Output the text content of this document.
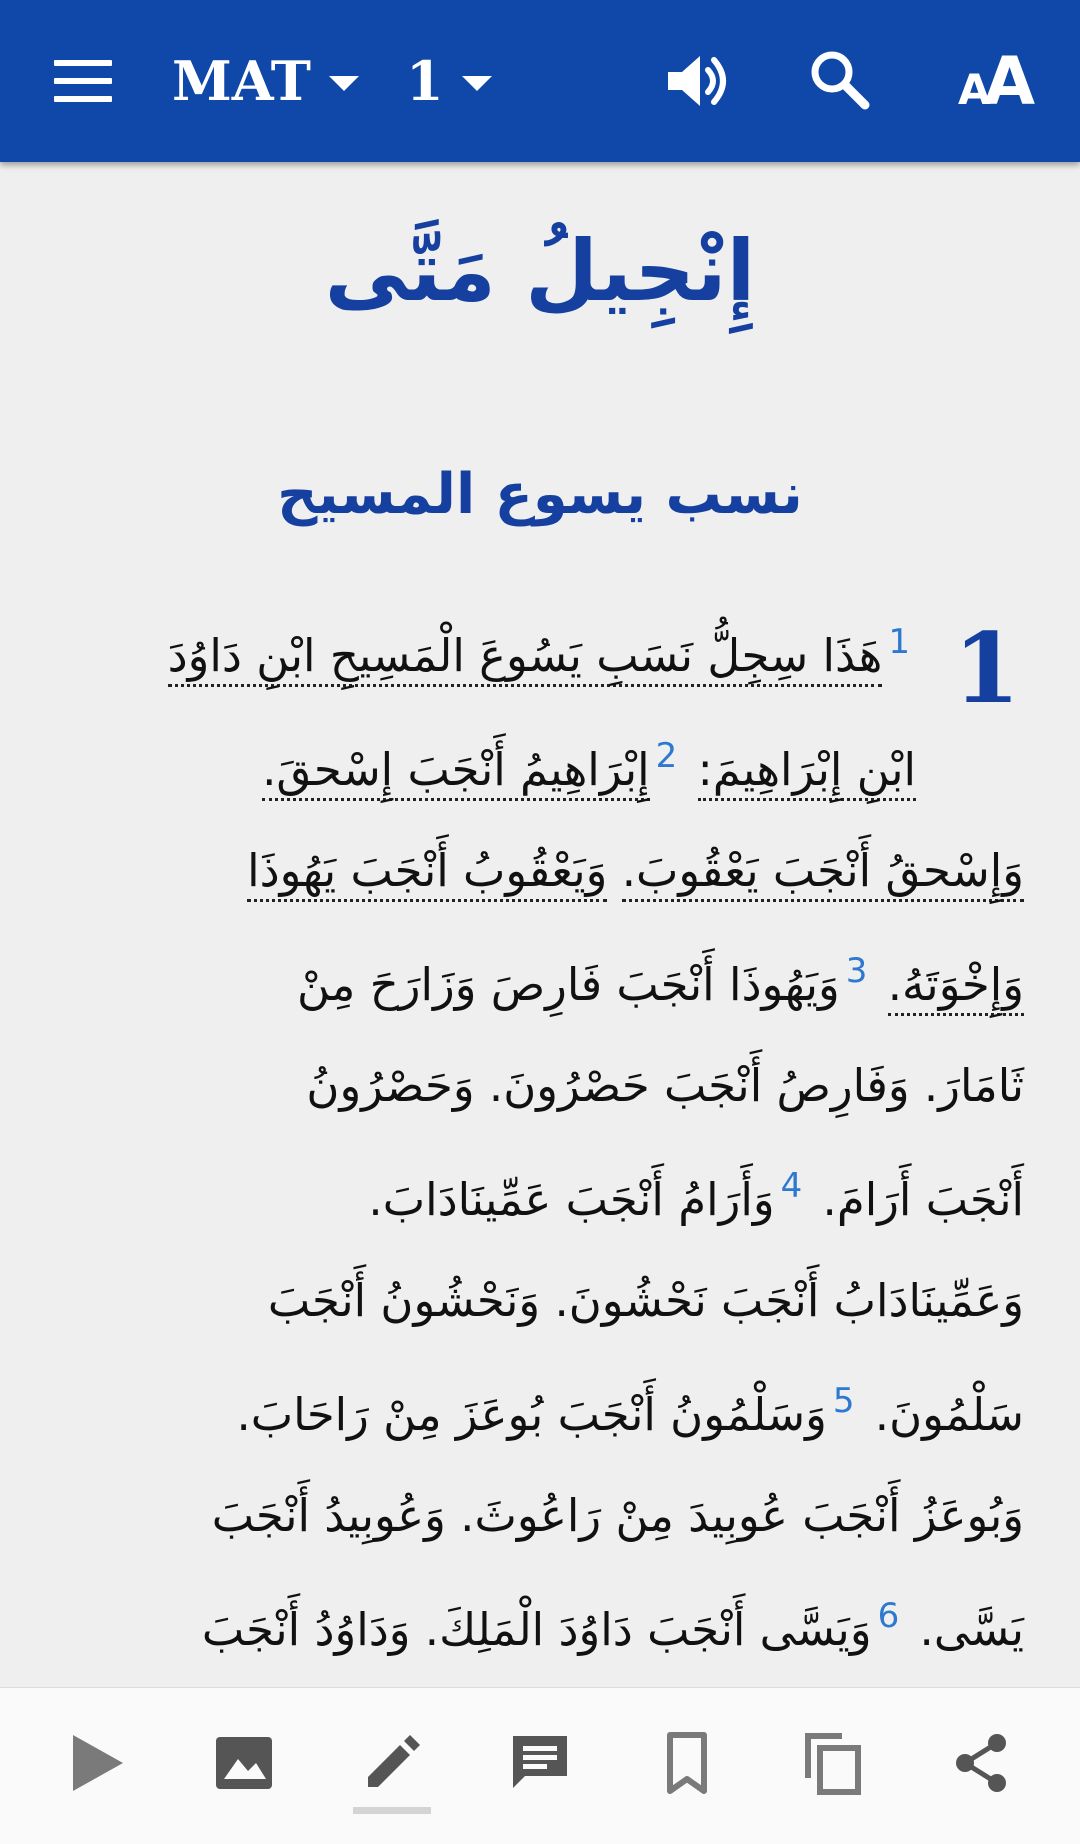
MAT 1	A
A
إِنْجِيلُ مَتَّى
نسب يسوع المسيح
1
$^1$هَذَا سِجِلُّ نَسَبِ يَسُوعَ الْمَسِيحِ ابْنِ دَاوُدَ
ابْنِ إِبْرَاهِيمَ: $^2$إِبْرَاهِيمُ أَنْجَبَ إِسْحقَ.
وَإِسْحقُ أَنْجَبَ يَعْقُوبَ. وَيَعْقُوبُ أَنْجَبَ يَهُوذَا
وَإِخْوَتَهُ. $^3$وَيَهُوذَا أَنْجَبَ فَارِصَ وَزَارَحَ مِنْ
ثَامَارَ. وَفَارِصُ أَنْجَبَ حَصْرُونَ. وَحَصْرُونُ
أَنْجَبَ أَرَامَ. $^4$وَأَرَامُ أَنْجَبَ عَمِّينَادَابَ.
وَعَمِّينَادَابُ أَنْجَبَ نَحْشُونَ. وَنَحْشُونُ أَنْجَبَ
سَلْمُونَ. $^5$وَسَلْمُونُ أَنْجَبَ بُوعَزَ مِنْ رَاحَابَ.
وَبُوعَزُ أَنْجَبَ عُوبِيدَ مِنْ رَاعُوثَ. وَعُوبِيدُ أَنْجَبَ
يَسَّى. $^6$وَيَسَّى أَنْجَبَ دَاوُدَ الْمَلِكَ. وَدَاوُدُ أَنْجَبَ
